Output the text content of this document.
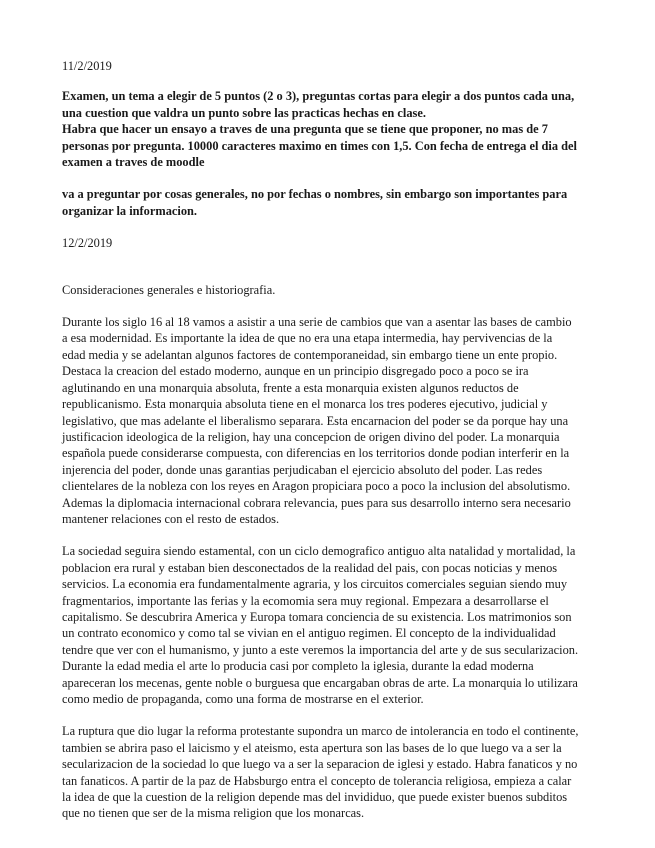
11/2/2019

Examen, un tema a elegir de 5 puntos (2 o 3), preguntas cortas para elegir a dos puntos cada una,
una cuestion que valdra un punto sobre las practicas hechas en clase.
Habra que hacer un ensayo a traves de una pregunta que se tiene que proponer, no mas de 7
personas por pregunta. 10000 caracteres maximo en times con 1,5. Con fecha de entrega el dia del
examen a traves de moodle
va a preguntar por cosas generales, no por fechas o nombres, sin embargo son importantes para
organizar la informacion.

12/2/2019

Consideraciones generales e historiografia.

Durante los siglo 16 al 18 vamos a asistir a una serie de cambios que van a asentar las bases de cambio

a esa modernidad. Es importante la idea de que no era una etapa intermedia, hay pervivencias de la

edad media y se adelantan algunos factores de contemporaneidad, sin embargo tiene un ente propio.

Destaca la creacion del estado moderno, aunque en un principio disgregado poco a poco se ira

aglutinando en una monarquia absoluta, frente a esta monarquia existen algunos reductos de

republicanismo. Esta monarquia absoluta tiene en el monarca los tres poderes ejecutivo, judicial y

legislativo, que mas adelante el liberalismo separara. Esta encarnacion del poder se da porque hay una

justificacion ideologica de la religion, hay una concepcion de origen divino del poder. La monarquia

española puede considerarse compuesta, con diferencias en los territorios donde podian interferir en la

injerencia del poder, donde unas garantias perjudicaban el ejercicio absoluto del poder. Las redes

clientelares de la nobleza con los reyes en Aragon propiciara poco a poco la inclusion del absolutismo.

Ademas la diplomacia internacional cobrara relevancia, pues para sus desarrollo interno sera necesario

mantener relaciones con el resto de estados.

La sociedad seguira siendo estamental, con un ciclo demografico antiguo alta natalidad y mortalidad, la

poblacion era rural y estaban bien desconectados de la realidad del pais, con pocas noticias y menos

servicios. La economia era fundamentalmente agraria, y los circuitos comerciales seguian siendo muy

fragmentarios, importante las ferias y la ecomomia sera muy regional. Empezara a desarrollarse el

capitalismo. Se descubrira America y Europa tomara conciencia de su existencia. Los matrimonios son

un contrato economico y como tal se vivian en el antiguo regimen. El concepto de la individualidad

tendre que ver con el humanismo, y junto a este veremos la importancia del arte y de sus secularizacion.

Durante la edad media el arte lo producia casi por completo la iglesia, durante la edad moderna

apareceran los mecenas, gente noble o burguesa que encargaban obras de arte. La monarquia lo utilizara

como medio de propaganda, como una forma de mostrarse en el exterior.

La ruptura que dio lugar la reforma protestante supondra un marco de intolerancia en todo el continente,

tambien se abrira paso el laicismo y el ateismo, esta apertura son las bases de lo que luego va a ser la

secularizacion de la sociedad lo que luego va a ser la separacion de iglesi y estado. Habra fanaticos y no

tan fanaticos. A partir de la paz de Habsburgo entra el concepto de tolerancia religiosa, empieza a calar

la idea de que la cuestion de la religion depende mas del invididuo, que puede exister buenos subditos

que no tienen que ser de la misma religion que los monarcas.
